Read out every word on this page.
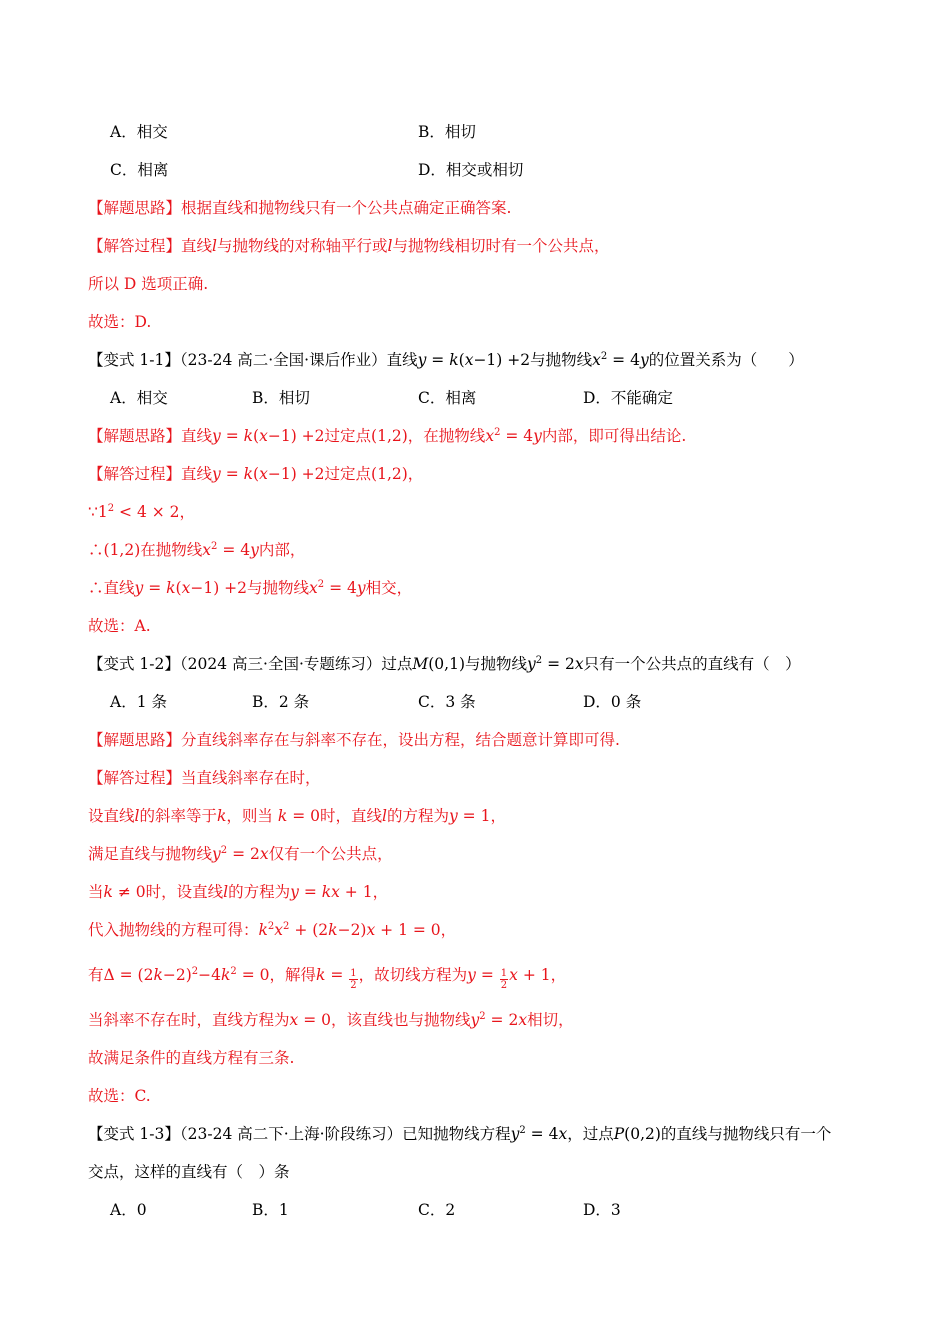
A．相交	B．相切
C．相离	D．相交或相切
【解题思路】根据直线和抛物线只有一个公共点确定正确答案.
【解答过程】直线l与抛物线的对称轴平行或l与抛物线相切时有一个公共点，
所以 D 选项正确.
故选：D.
【变式 1-1】（23-24 高二·全国·课后作业）直线y = k(x−1) +2与抛物线$x^2 = 4y$的位置关系为（　　）
A．相交	B．相切	C．相离	D．不能确定
【解题思路】直线y = k(x−1) +2过定点(1,2)，在抛物线$x^2 = 4y$内部，即可得出结论.
【解答过程】直线y = k(x−1) +2过定点(1,2)，
$\because 1^2 < 4 \times 2$，
∴(1,2)在抛物线$x^2 = 4y$内部，
∴直线y = k(x−1) +2与抛物线$x^2 = 4y$相交，
故选：A.
【变式 1-2】（2024 高三·全国·专题练习）过点M(0,1)与抛物线$y^2 = 2x$只有一个公共点的直线有（　）
A．1 条	B．2 条	C．3 条	D．0 条
【解题思路】分直线斜率存在与斜率不存在，设出方程，结合题意计算即可得.
【解答过程】当直线斜率存在时，
设直线l的斜率等于k，则当 k = 0时，直线l的方程为y = 1，
满足直线与抛物线$y^2 = 2x$仅有一个公共点，
当k ≠ 0时，设直线l的方程为y = kx + 1，
代入抛物线的方程可得：$k^2x^2 + (2k-2)x + 1 = 0$，
有$\Delta = (2k-2)^2-4k^2 = 0$，解得$k = \frac{1}{2}$ ，故切线方程为$y = \frac{1}{2}$ x + 1，
当斜率不存在时，直线方程为x = 0，该直线也与抛物线$y^2 = 2x$相切，
故满足条件的直线方程有三条.
故选：C.
【变式 1-3】（23-24 高二下·上海·阶段练习）已知抛物线方程$y^2 = 4x$，过点P(0,2)的直线与抛物线只有一个
交点，这样的直线有（　）条
A．0	B．1	C．2	D．3
